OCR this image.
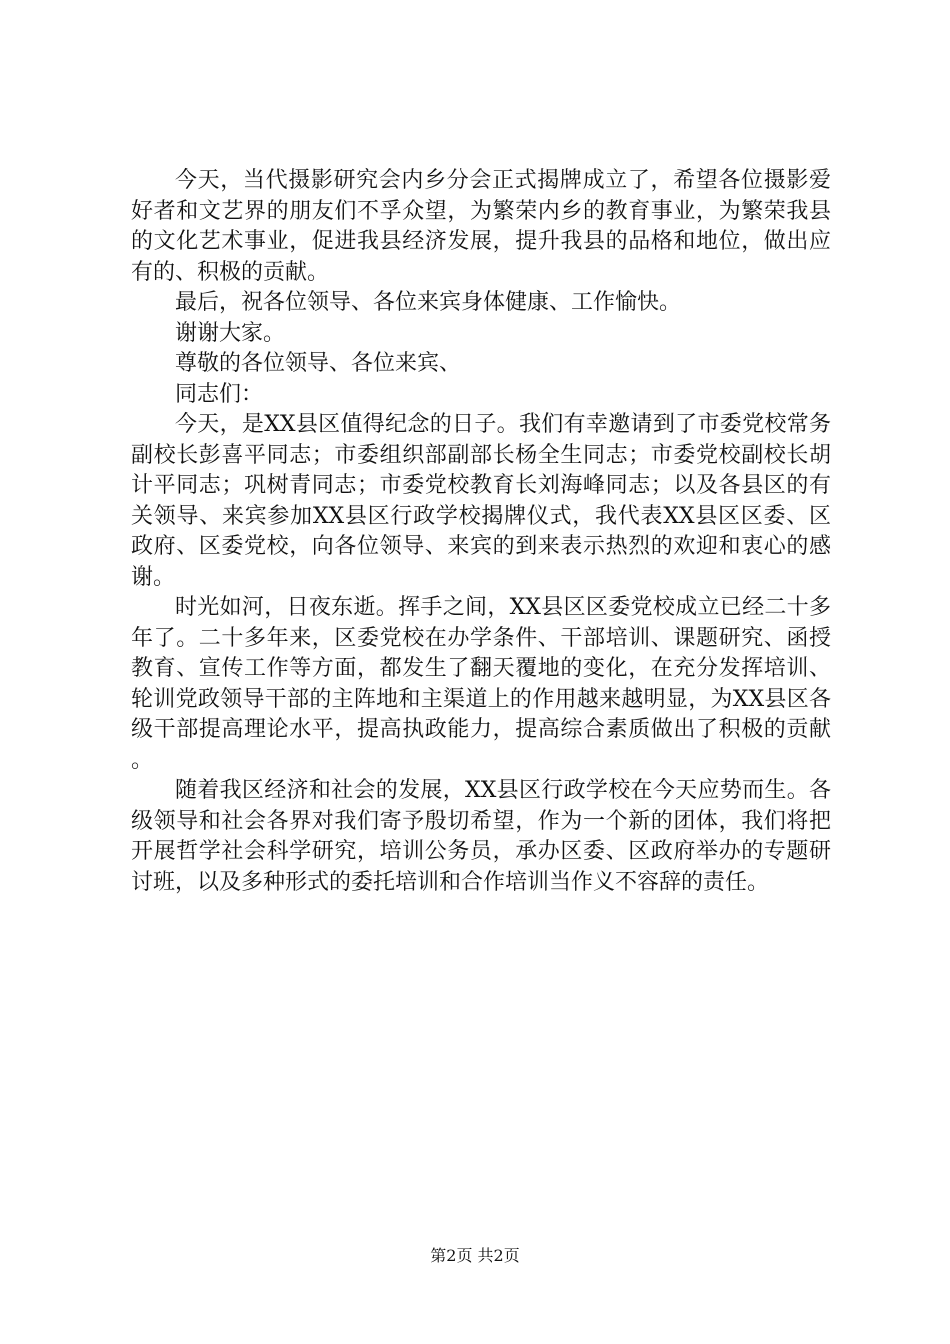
今天，当代摄影研究会内乡分会正式揭牌成立了，希望各位摄影爱好者和文艺界的朋友们不孚众望，为繁荣内乡的教育事业，为繁荣我县的文化艺术事业，促进我县经济发展，提升我县的品格和地位，做出应有的、积极的贡献。

最后，祝各位领导、各位来宾身体健康、工作愉快。

谢谢大家。

尊敬的各位领导、各位来宾、

同志们：

今天，是XX县区值得纪念的日子。我们有幸邀请到了市委党校常务副校长彭喜平同志；市委组织部副部长杨全生同志；市委党校副校长胡计平同志；巩树青同志；市委党校教育长刘海峰同志；以及各县区的有关领导、来宾参加XX县区行政学校揭牌仪式，我代表XX县区区委、区政府、区委党校，向各位领导、来宾的到来表示热烈的欢迎和衷心的感谢。

时光如河，日夜东逝。挥手之间，XX县区区委党校成立已经二十多年了。二十多年来，区委党校在办学条件、干部培训、课题研究、函授教育、宣传工作等方面，都发生了翻天覆地的变化，在充分发挥培训、轮训党政领导干部的主阵地和主渠道上的作用越来越明显，为XX县区各级干部提高理论水平，提高执政能力，提高综合素质做出了积极的贡献。

随着我区经济和社会的发展，XX县区行政学校在今天应势而生。各级领导和社会各界对我们寄予殷切希望，作为一个新的团体，我们将把开展哲学社会科学研究，培训公务员，承办区委、区政府举办的专题研讨班，以及多种形式的委托培训和合作培训当作义不容辞的责任。

第2页 共2页
